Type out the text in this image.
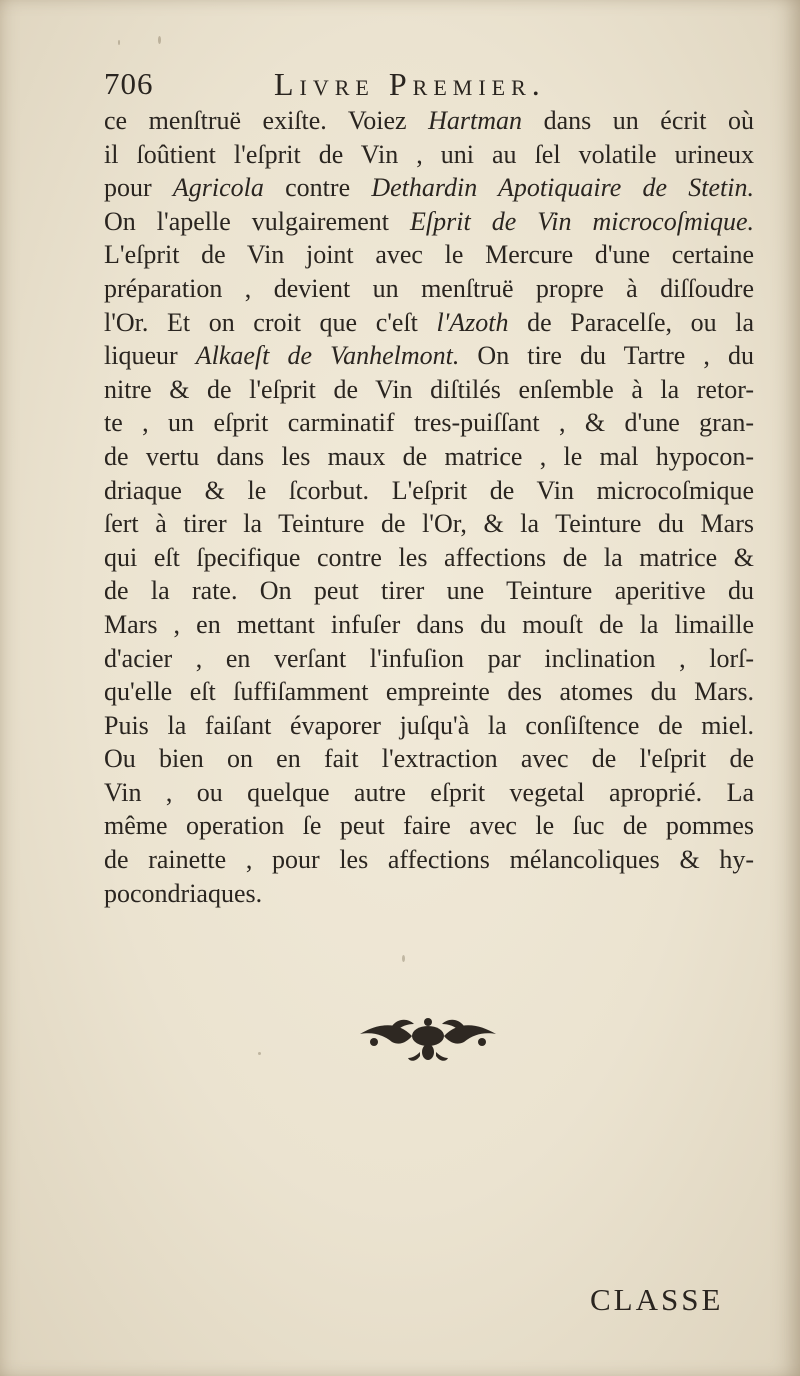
706	Livre Premier.
ce menſtruë exiſte. Voiez Hartman dans un écrit où
il ſoûtient l'eſprit de Vin , uni au ſel volatile urineux
pour Agricola contre Dethardin Apotiquaire de Stetin.
On l'apelle vulgairement Eſprit de Vin microcoſmique.
L'eſprit de Vin joint avec le Mercure d'une certaine
préparation , devient un menſtruë propre à diſſoudre
l'Or. Et on croit que c'eſt l'Azoth de Paracelſe, ou la
liqueur Alkaeſt de Vanhelmont. On tire du Tartre , du
nitre & de l'eſprit de Vin diſtilés enſemble à la retor-
te , un eſprit carminatif tres-puiſſant , & d'une gran-
de vertu dans les maux de matrice , le mal hypocon-
driaque & le ſcorbut. L'eſprit de Vin microcoſmique
ſert à tirer la Teinture de l'Or, & la Teinture du Mars
qui eſt ſpecifique contre les affections de la matrice &
de la rate. On peut tirer une Teinture aperitive du
Mars , en mettant infuſer dans du mouſt de la limaille
d'acier , en verſant l'infuſion par inclination , lorſ-
qu'elle eſt ſuffiſamment empreinte des atomes du Mars.
Puis la faiſant évaporer juſqu'à la conſiſtence de miel.
Ou bien on en fait l'extraction avec de l'eſprit de
Vin , ou quelque autre eſprit vegetal aproprié. La
même operation ſe peut faire avec le ſuc de pommes
de rainette , pour les affections mélancoliques & hy-
pocondriaques.
CLASSE
